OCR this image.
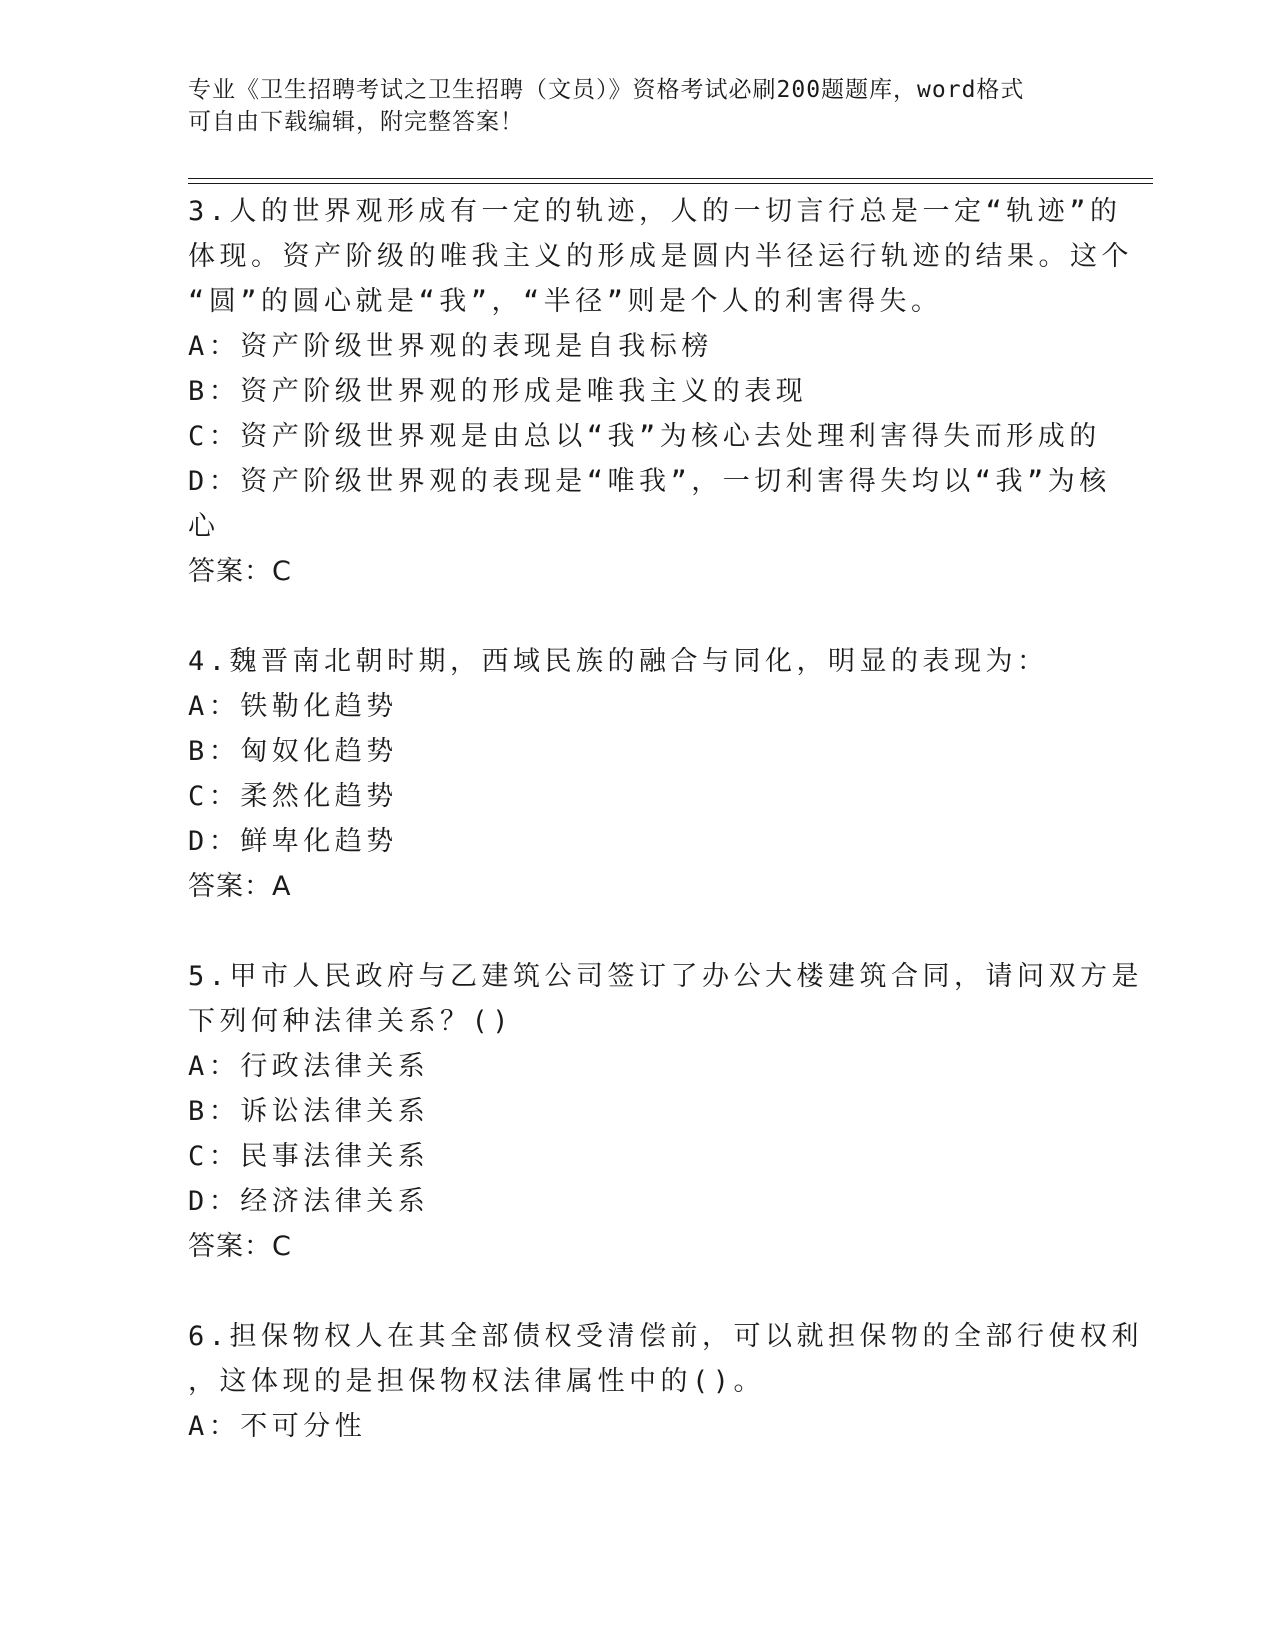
专业《卫生招聘考试之卫生招聘（文员）》资格考试必刷200题题库，word格式
可自由下载编辑，附完整答案！
3.人的世界观形成有一定的轨迹，人的一切言行总是一定“轨迹”的
体现。资产阶级的唯我主义的形成是圆内半径运行轨迹的结果。这个
“圆”的圆心就是“我”，“半径”则是个人的利害得失。
A：资产阶级世界观的表现是自我标榜
B：资产阶级世界观的形成是唯我主义的表现
C：资产阶级世界观是由总以“我”为核心去处理利害得失而形成的
D：资产阶级世界观的表现是“唯我”，一切利害得失均以“我”为核
心
答案：C
4.魏晋南北朝时期，西域民族的融合与同化，明显的表现为：
A：铁勒化趋势
B：匈奴化趋势
C：柔然化趋势
D：鲜卑化趋势
答案：A
5.甲市人民政府与乙建筑公司签订了办公大楼建筑合同，请问双方是
下列何种法律关系？()
A：行政法律关系
B：诉讼法律关系
C：民事法律关系
D：经济法律关系
答案：C
6.担保物权人在其全部债权受清偿前，可以就担保物的全部行使权利
，这体现的是担保物权法律属性中的()。
A：不可分性
